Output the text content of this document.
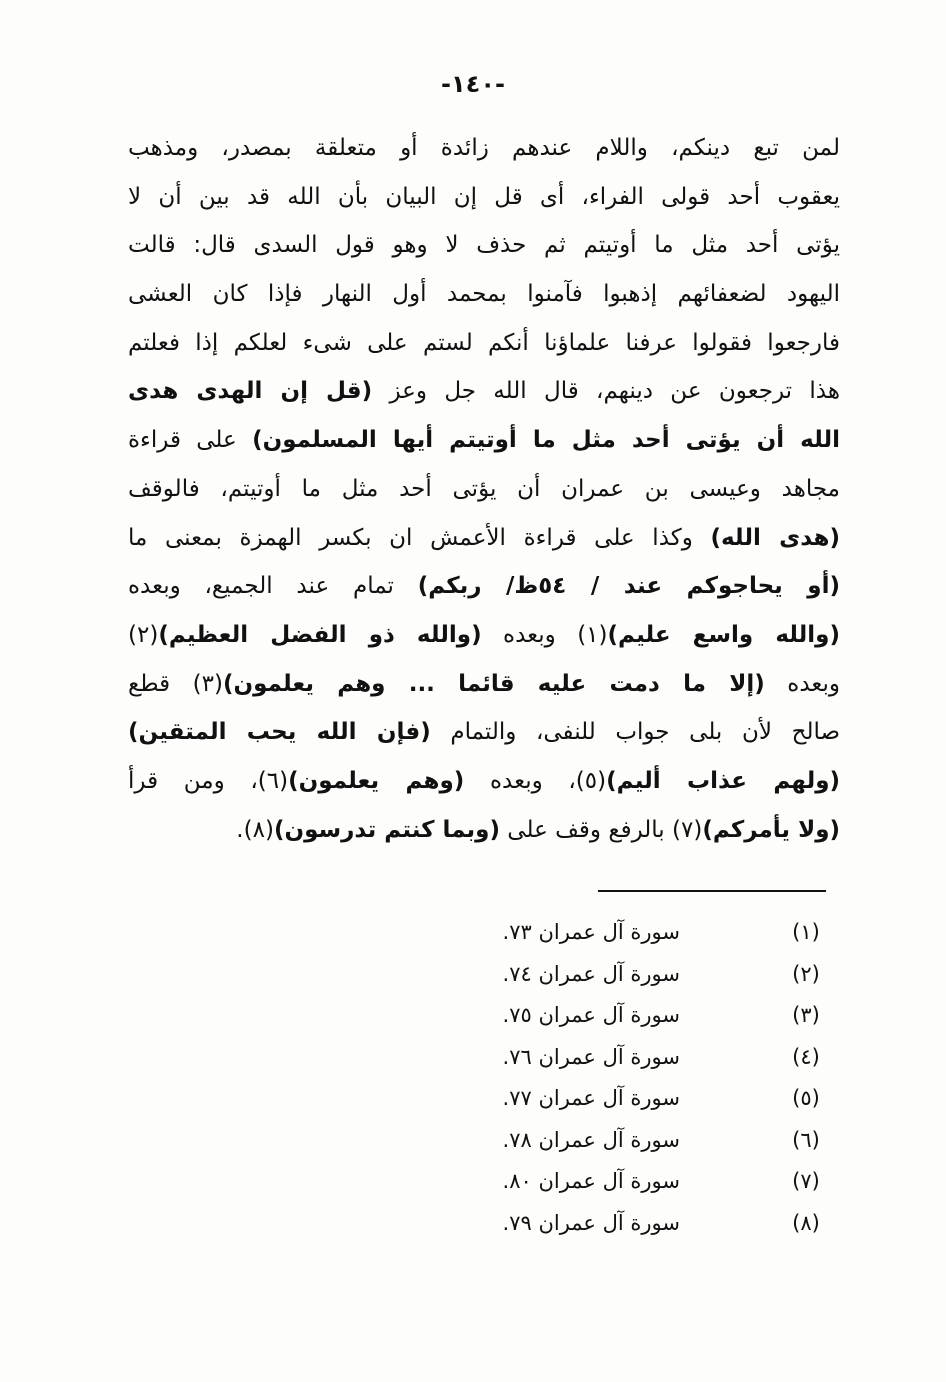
-١٤٠-
لمن تبع دينكم، واللام عندهم زائدة أو متعلقة بمصدر، ومذهب
يعقوب أحد قولى الفراء، أى قل إن البيان بأن الله قد بين أن لا
يؤتى أحد مثل ما أوتيتم ثم حذف لا وهو قول السدى قال: قالت
اليهود لضعفائهم إذهبوا فآمنوا بمحمد أول النهار فإذا كان العشى
فارجعوا فقولوا عرفنا علماؤنا أنكم لستم على شىء لعلكم إذا فعلتم
هذا ترجعون عن دينهم، قال الله جل وعز (قل إن الهدى هدى
الله أن يؤتى أحد مثل ما أوتيتم أيها المسلمون) على قراءة
مجاهد وعيسى بن عمران أن يؤتى أحد مثل ما أوتيتم، فالوقف
(هدى الله) وكذا على قراءة الأعمش ان بكسر الهمزة بمعنى ما
(أو يحاجوكم عند / ٥٤ظ/ ربكم) تمام عند الجميع، وبعده
(والله واسع عليم)(١) وبعده (والله ذو الفضل العظيم)(٢)
وبعده (إلا ما دمت عليه قائما ... وهم يعلمون)(٣) قطع
صالح لأن بلى جواب للنفى، والتمام (فإن الله يحب المتقين)
(ولهم عذاب أليم)(٥)، وبعده (وهم يعلمون)(٦)، ومن قرأ
(ولا يأمركم)(٧) بالرفع وقف على (وبما كنتم تدرسون)(٨).
(١)
سورة آل عمران ٧٣.
(٢)
سورة آل عمران ٧٤.
(٣)
سورة آل عمران ٧٥.
(٤)
سورة آل عمران ٧٦.
(٥)
سورة آل عمران ٧٧.
(٦)
سورة آل عمران ٧٨.
(٧)
سورة آل عمران ٨٠.
(٨)
سورة آل عمران ٧٩.
